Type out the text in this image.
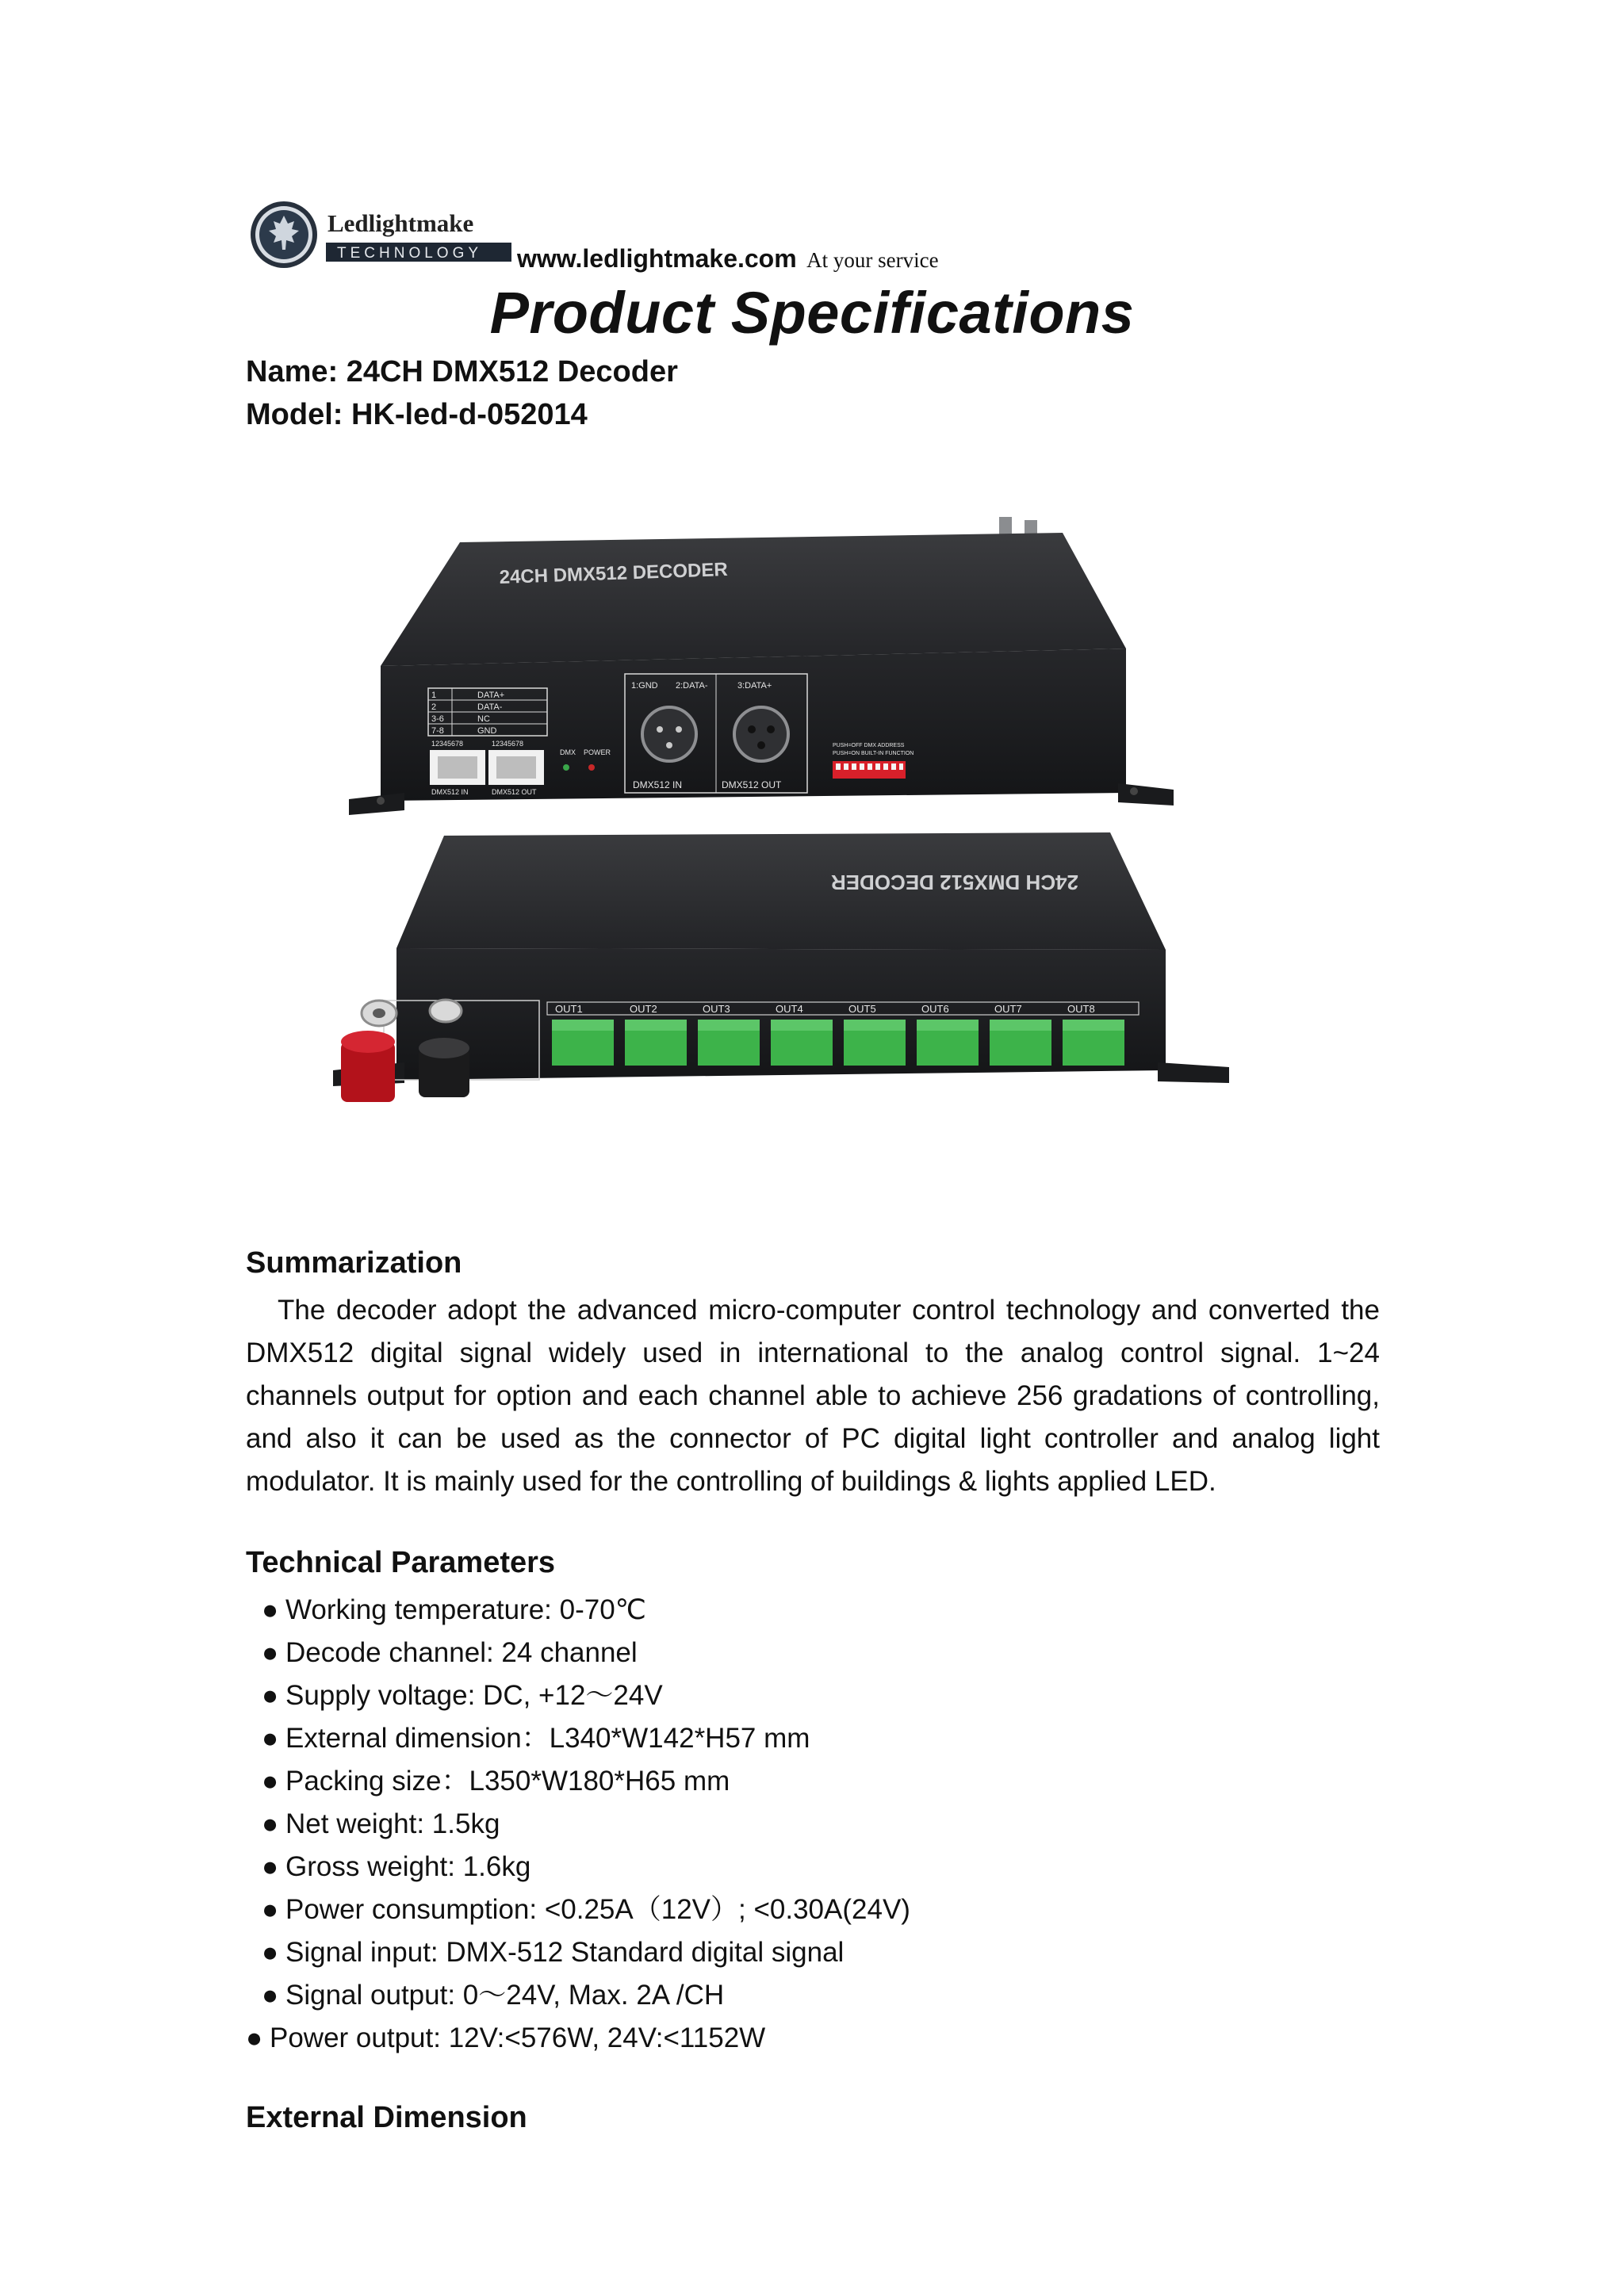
Ledlightmake
TECHNOLOGY www.ledlightmake.com At your service
Product Specifications
Name: 24CH DMX512 Decoder
Model: HK-led-d-052014
24CH DMX512 DECODER
1	DATA+
2	DATA-
3-6	NC
7-8	GND
12345678	12345678
DMX512 IN	DMX512 OUT
DMX POWER
1:GND 2:DATA-	3:DATA+
DMX512 IN	DMX512 OUT
PUSH=OFF DMX ADDRESS
PUSH=ON BUILT-IN FUNCTION
24CH DMX512 DECODER
OUT1	OUT2	OUT3	OUT4	OUT5	OUT6	OUT7	OUT8
Summarization
The decoder adopt the advanced micro-computer control technology and converted the DMX512 digital signal widely used in international to the analog control signal. 1~24 channels output for option and each channel able to achieve 256 gradations of controlling, and also it can be used as the connector of PC digital light controller and analog light modulator. It is mainly used for the controlling of buildings & lights applied LED.
Technical Parameters
● Working temperature: 0-70℃
● Decode channel: 24 channel
● Supply voltage: DC, +12～24V
● External dimension：L340*W142*H57 mm
● Packing size：L350*W180*H65 mm
● Net weight: 1.5kg
● Gross weight: 1.6kg
● Power consumption: <0.25A（12V）; <0.30A(24V)
● Signal input: DMX-512 Standard digital signal
● Signal output: 0～24V, Max. 2A /CH
● Power output: 12V:<576W, 24V:<1152W
External Dimension
